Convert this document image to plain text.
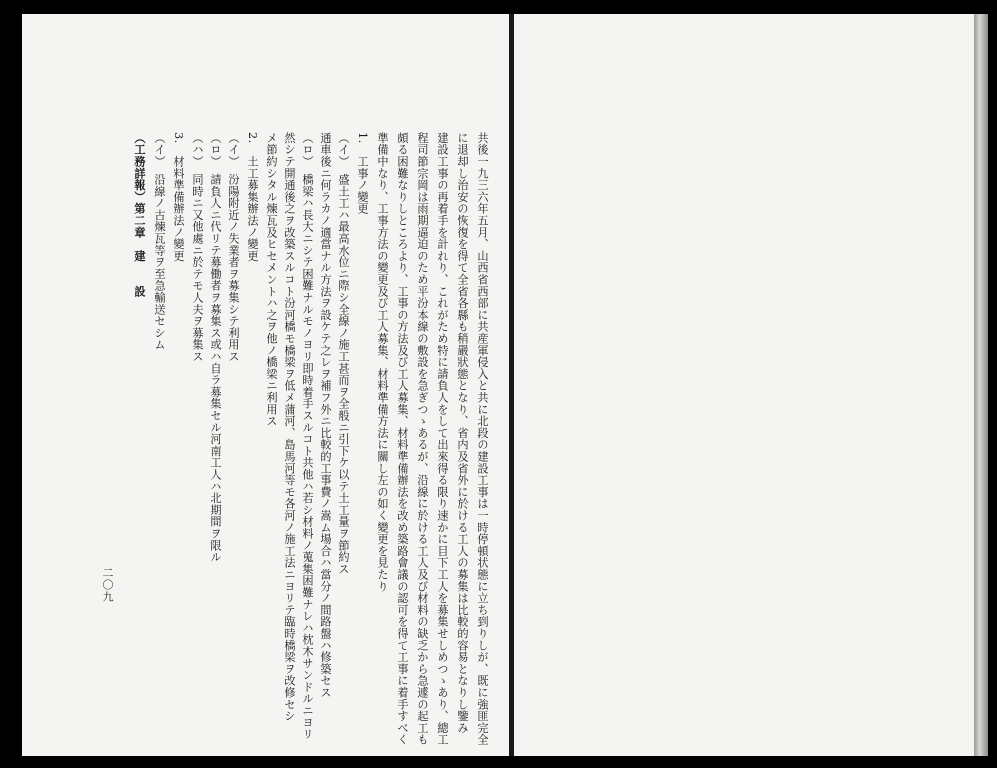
共後一九三六年五月、山西省西部に共産軍侵入と共に北段の建設工事は一時停頓状態に立ち到りしが、既に強匪完全
に退却し治安の恢復を得て全省各縣も稍嚴狀態となり、省内及省外に於ける工人の募集は比較的容易となりし鑒み
建設工事の再着手を計れり、これがため特に請負人をして出來得る限り速かに目下工人を募集せしめつゝあり、總工
程司節宗岡は雨期逼迫のため平汾本線の敷設を急ぎつゝあるが、沿線に於ける工人及び材料の缺乏から急遽の起工も
頗る困難なりしところより、工事の方法及び工人募集、材料準備辦法を改め築路會議の認可を得て工事に着手すべく
準備中なり、工事方法の變更及び工人募集、材料準備方法に關し左の如く變更を見たり
1.　工事ノ變更
（イ）　盛土工ハ最高水位ニ際シ全線ノ施工甚而ヲ全般ニ引下ケ以テ土工量ヲ節約ス
通車後ニ何ラカノ適當ナル方法ヲ設ケテ之レヲ補フ外ニ比較的工事費ノ嵩ム場合ハ當分ノ間路盤ハ修築セス
（ロ）　橋梁ハ長大ニシテ困難ナルモノヨリ即時着手スルコト共他ハ若シ材料ノ蒐集困難ナレハ枕木サンドルニヨリ
然シテ開通後之ヲ改築スルコト汾河橋モ橋梁ヲ低メ蒲河、島馬河等モ各河ノ施工法ニヨリテ臨時橋梁ヲ改修セシ
メ節約シタル煉瓦及ヒセメントハ之ヲ他ノ橋梁ニ利用ス
2.　土工募集辦法ノ變更
（イ）　汾陽附近ノ失業者ヲ募集シテ利用ス
（ロ）　請負人ニ代リテ募働者ヲ募集ス或ハ自ラ募集セル河南工人ハ北期間ヲ限ル
（ハ）　同時ニ又他處ニ於テモ人夫ヲ募集ス
3.　材料準備辦法ノ變更
（イ）　沿線ノ古煉瓦等ヲ至急輸送セシム
（工務詳報）第二章　建　　設
二〇九
